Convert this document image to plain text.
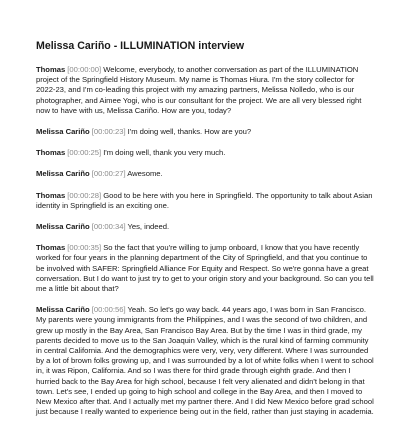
Melissa Cariño - ILLUMINATION interview

Thomas [00:00:00] Welcome, everybody, to another conversation as part of the ILLUMINATION project of the Springfield History Museum. My name is Thomas Hiura. I'm the story collector for 2022-23, and I'm co-leading this project with my amazing partners, Melissa Nolledo, who is our photographer, and Aimee Yogi, who is our consultant for the project. We are all very blessed right now to have with us, Melissa Cariño. How are you, today?

Melissa Cariño [00:00:23] I'm doing well, thanks. How are you?

Thomas [00:00:25] I'm doing well, thank you very much.

Melissa Cariño [00:00:27] Awesome.

Thomas [00:00:28] Good to be here with you here in Springfield. The opportunity to talk about Asian identity in Springfield is an exciting one.

Melissa Cariño [00:00:34] Yes, indeed.

Thomas [00:00:35] So the fact that you're willing to jump onboard, I know that you have recently worked for four years in the planning department of the City of Springfield, and that you continue to be involved with SAFER: Springfield Alliance For Equity and Respect. So we're gonna have a great conversation. But I do want to just try to get to your origin story and your background. So can you tell me a little bit about that?

Melissa Cariño [00:00:56] Yeah. So let's go way back. 44 years ago, I was born in San Francisco. My parents were young immigrants from the Philippines, and I was the second of two children, and grew up mostly in the Bay Area, San Francisco Bay Area. But by the time I was in third grade, my parents decided to move us to the San Joaquin Valley, which is the rural kind of farming community in central California. And the demographics were very, very, very different. Where I was surrounded by a lot of brown folks growing up, and I was surrounded by a lot of white folks when I went to school in, it was Ripon, California. And so I was there for third grade through eighth grade. And then I hurried back to the Bay Area for high school, because I felt very alienated and didn't belong in that town. Let's see, I ended up going to high school and college in the Bay Area, and then I moved to New Mexico after that. And I actually met my partner there. And I did New Mexico before grad school just because I really wanted to experience being out in the field, rather than just staying in academia.
